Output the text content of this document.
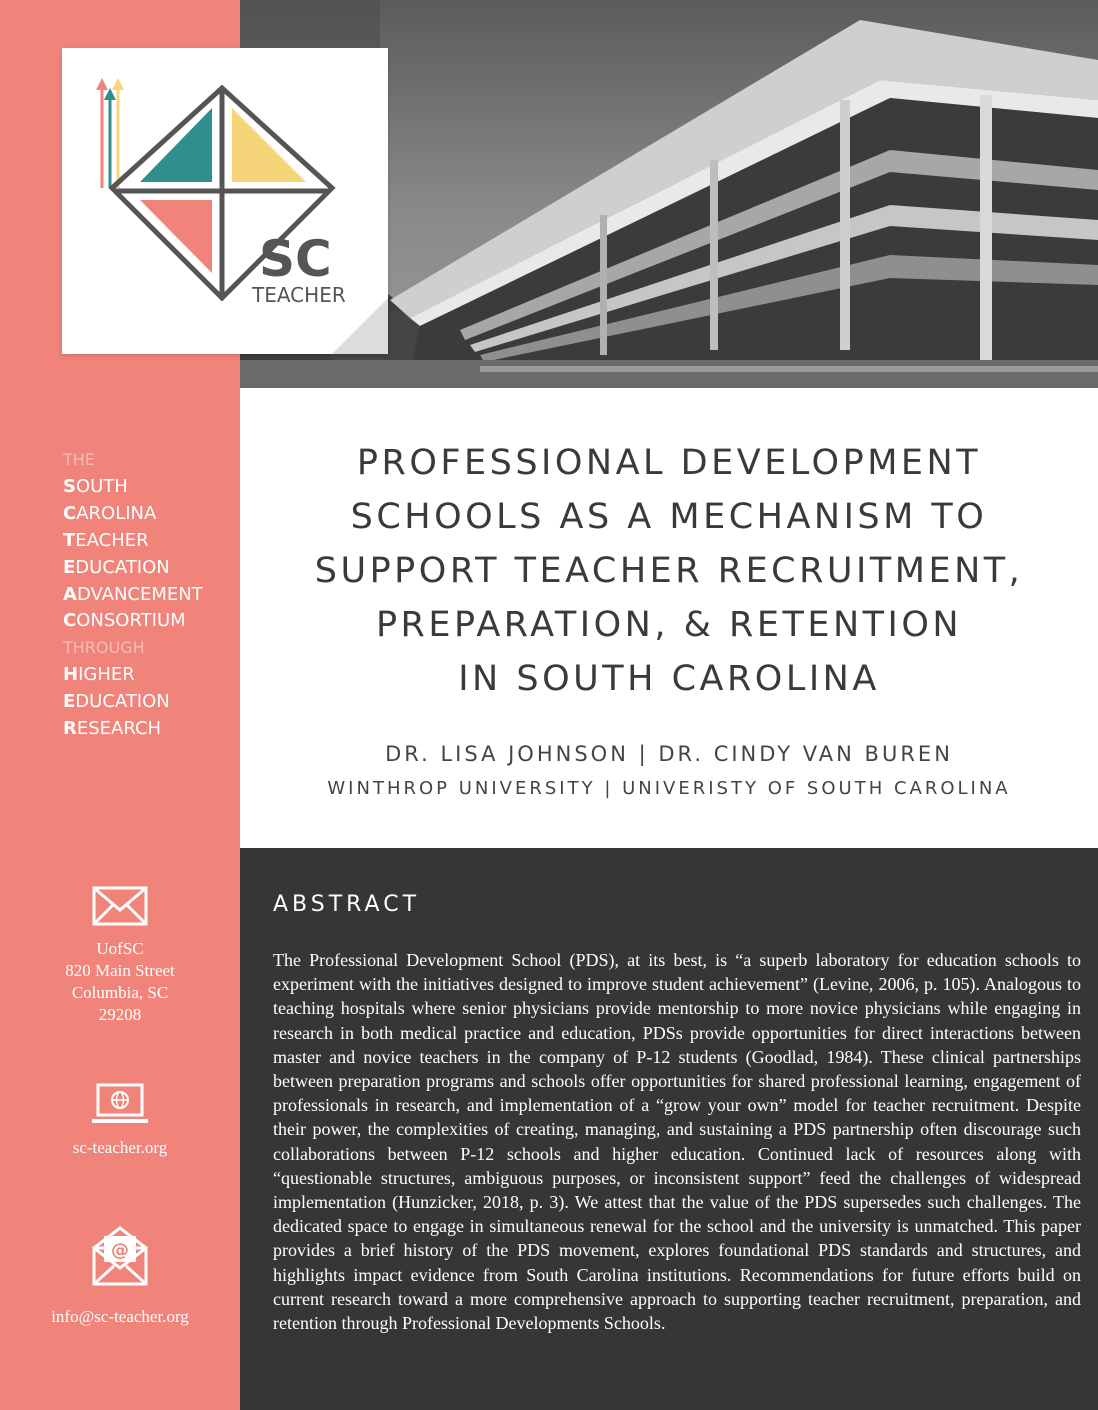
SC
TEACHER
THE
SOUTH
CAROLINA
TEACHER
EDUCATION
ADVANCEMENT
CONSORTIUM
THROUGH
HIGHER
EDUCATION
RESEARCH
UofSC
820 Main Street
Columbia, SC
29208
sc-teacher.org
@
info@sc-teacher.org
PROFESSIONAL DEVELOPMENT
SCHOOLS AS A MECHANISM TO
SUPPORT TEACHER RECRUITMENT,
PREPARATION, & RETENTION
IN SOUTH CAROLINA

DR. LISA JOHNSON | DR. CINDY VAN BUREN

WINTHROP UNIVERSITY | UNIVERISTY OF SOUTH CAROLINA

ABSTRACT

The Professional Development School (PDS), at its best, is “a superb laboratory for education schools to experiment with the initiatives designed to improve student achievement” (Levine, 2006, p. 105). Analogous to teaching hospitals where senior physicians provide mentorship to more novice physicians while engaging in research in both medical practice and education, PDSs provide opportunities for direct interactions between master and novice teachers in the company of P-12 students (Goodlad, 1984). These clinical partnerships between preparation programs and schools offer opportunities for shared professional learning, engagement of professionals in research, and implementation of a “grow your own” model for teacher recruitment. Despite their power, the complexities of creating, managing, and sustaining a PDS partnership often discourage such collaborations between P-12 schools and higher education. Continued lack of resources along with “questionable structures, ambiguous purposes, or inconsistent support” feed the challenges of widespread implementation (Hunzicker, 2018, p. 3). We attest that the value of the PDS supersedes such challenges. The dedicated space to engage in simultaneous renewal for the school and the university is unmatched. This paper provides a brief history of the PDS movement, explores foundational PDS standards and structures, and highlights impact evidence from South Carolina institutions. Recommendations for future efforts build on current research toward a more comprehensive approach to supporting teacher recruitment, preparation, and retention through Professional Developments Schools.
